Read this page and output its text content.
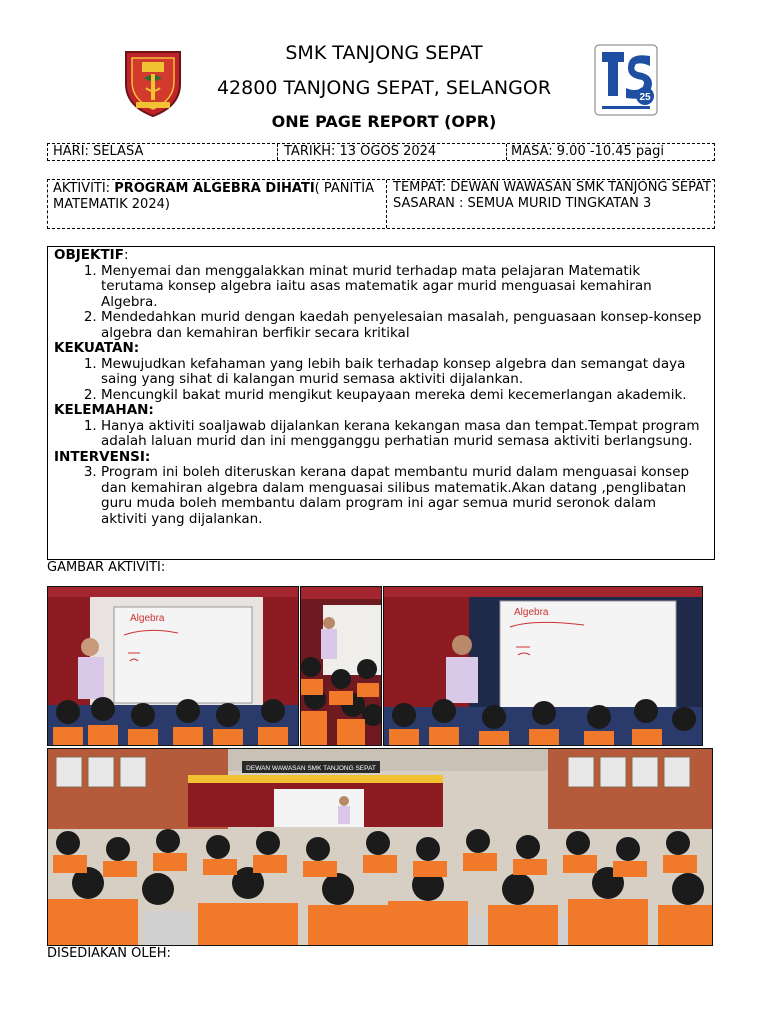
SMK TANJONG SEPAT
42800 TANJONG SEPAT, SELANGOR
ONE PAGE REPORT (OPR)
25
HARI: SELASA	TARIKH: 13 OGOS 2024	MASA: 9.00 -10.45 pagi
AKTIVITI: PROGRAM ALGEBRA DIHATI( PANITIA MATEMATIK 2024)
TEMPAT: DEWAN WAWASAN SMK TANJONG SEPAT
SASARAN : SEMUA MURID TINGKATAN 3
OBJEKTIF:
1. Menyemai dan menggalakkan minat murid terhadap mata pelajaran Matematik terutama konsep algebra iaitu asas matematik agar murid menguasai kemahiran Algebra.
2. Mendedahkan murid dengan kaedah penyelesaian masalah, penguasaan konsep-konsep algebra dan kemahiran berfikir secara kritikal
KEKUATAN:
1. Mewujudkan kefahaman yang lebih baik terhadap konsep algebra dan semangat daya saing yang sihat di kalangan murid semasa aktiviti dijalankan.
2. Mencungkil bakat murid mengikut keupayaan mereka demi kecemerlangan akademik.
KELEMAHAN:
1. Hanya aktiviti soaljawab dijalankan kerana kekangan masa dan tempat.Tempat program adalah laluan murid dan ini mengganggu perhatian murid semasa aktiviti berlangsung.
INTERVENSI:
3. Program ini boleh diteruskan kerana dapat membantu murid dalam menguasai konsep dan kemahiran algebra dalam menguasai silibus matematik.Akan datang ,penglibatan guru muda boleh membantu dalam program ini agar semua murid seronok dalam aktiviti yang dijalankan.
GAMBAR AKTIVITI:
Algebra
Algebra
DEWAN WAWASAN SMK TANJONG SEPAT
DISEDIAKAN OLEH:
